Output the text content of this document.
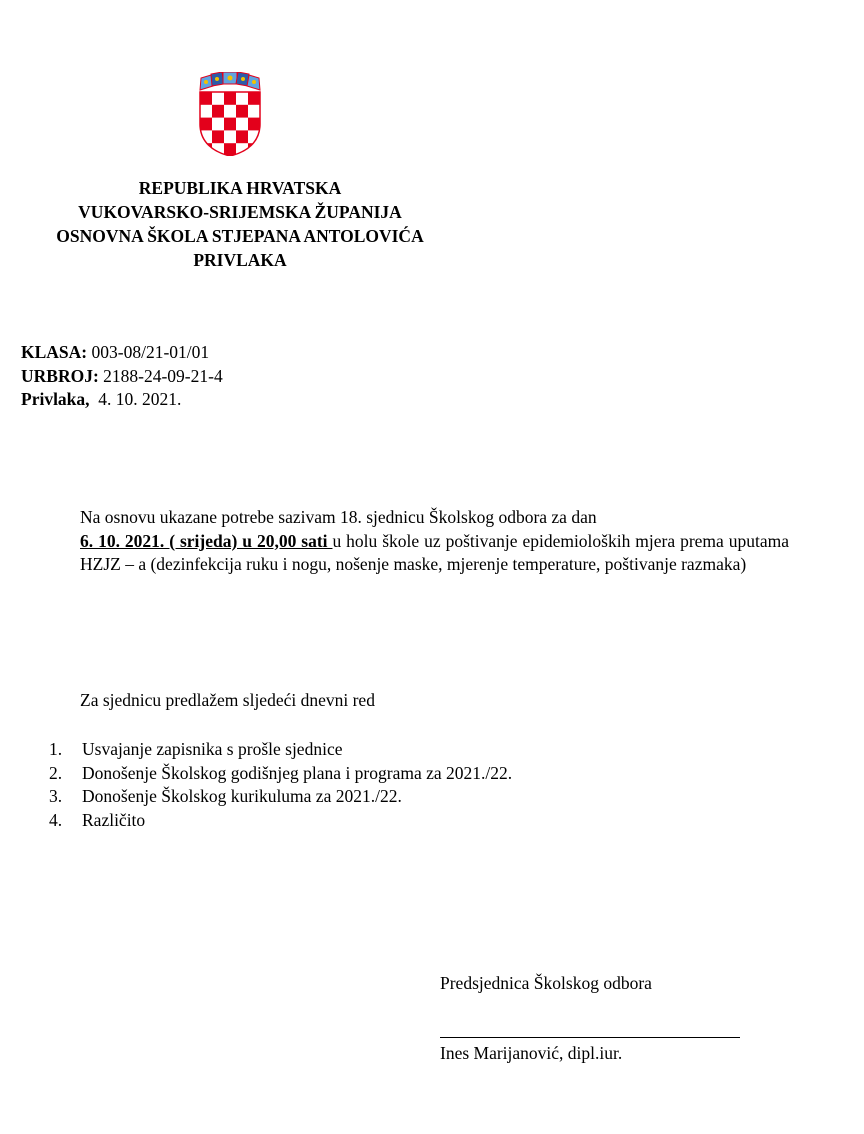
REPUBLIKA HRVATSKA
VUKOVARSKO-SRIJEMSKA ŽUPANIJA
OSNOVNA ŠKOLA STJEPANA ANTOLOVIĆA
PRIVLAKA
KLASA: 003-08/21-01/01
URBROJ: 2188-24-09-21-4
Privlaka,  4. 10. 2021.
Na osnovu ukazane potrebe sazivam 18. sjednicu Školskog odbora za dan
6. 10. 2021. ( srijeda) u 20,00 sati u holu škole uz poštivanje epidemioloških mjera prema uputama HZJZ – a (dezinfekcija ruku i nogu, nošenje maske, mjerenje temperature, poštivanje razmaka)
Za sjednicu predlažem sljedeći dnevni red
1. Usvajanje zapisnika s prošle sjednice
2. Donošenje Školskog godišnjeg plana i programa za 2021./22.
3. Donošenje Školskog kurikuluma za 2021./22.
4. Različito
Predsjednica Školskog odbora
Ines Marijanović, dipl.iur.
